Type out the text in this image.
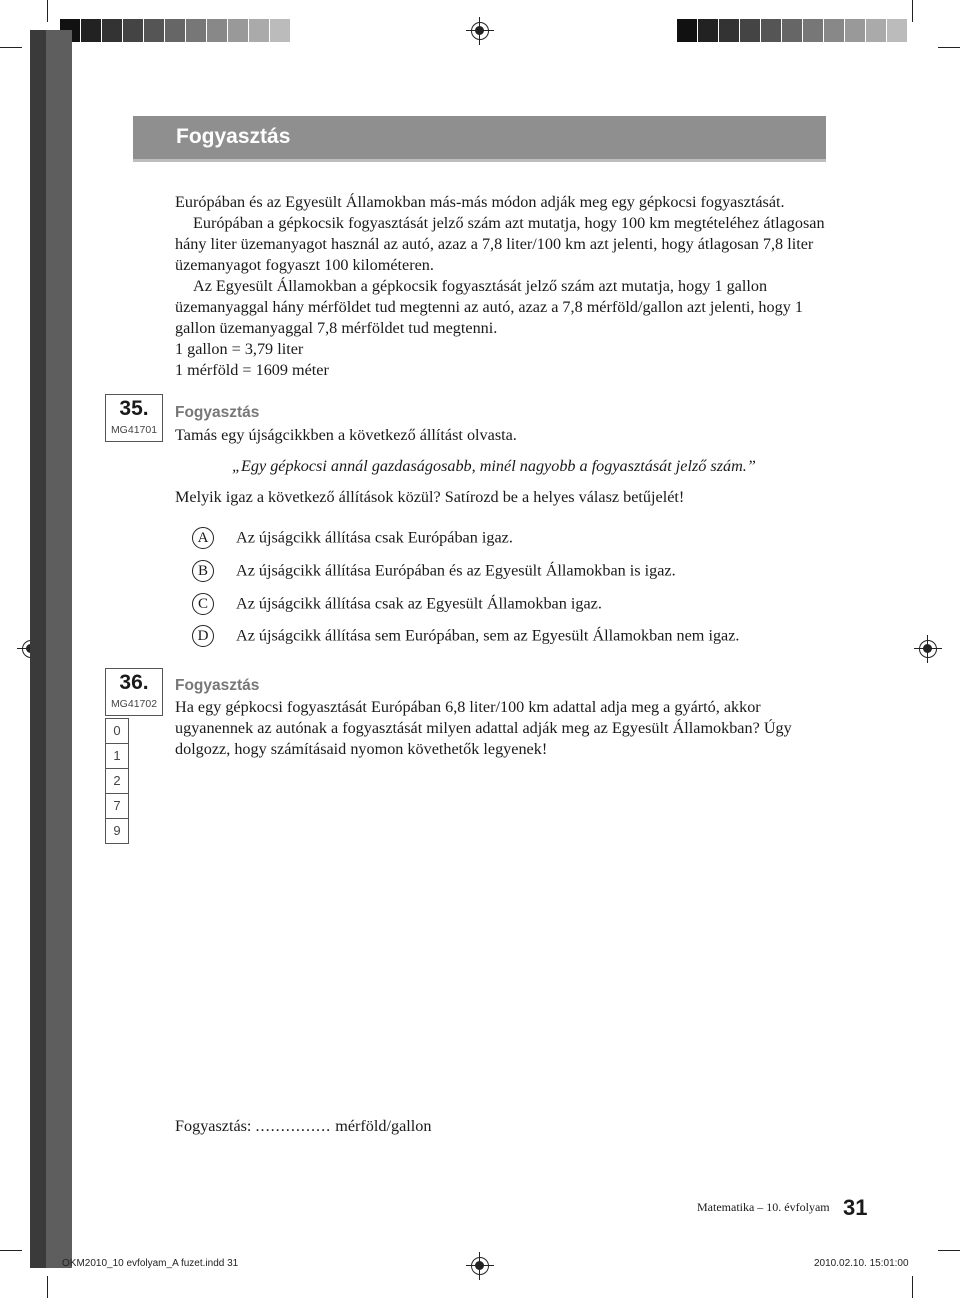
Fogyasztás

Európában és az Egyesült Államokban más-más módon adják meg egy gépkocsi fogyasztását.

Európában a gépkocsik fogyasztását jelző szám azt mutatja, hogy 100 km megtételéhez átlagosan hány liter üzemanyagot használ az autó, azaz a 7,8 liter/100 km azt jelenti, hogy átlagosan 7,8 liter üzemanyagot fogyaszt 100 kilométeren.

Az Egyesült Államokban a gépkocsik fogyasztását jelző szám azt mutatja, hogy 1 gallon üzemanyaggal hány mérföldet tud megtenni az autó, azaz a 7,8 mérföld/gallon azt jelenti, hogy 1 gallon üzemanyaggal 7,8 mérföldet tud megtenni.

1 gallon = 3,79 liter

1 mérföld = 1609 méter

35.
MG41701
Fogyasztás
Tamás egy újságcikkben a következő állítást olvasta.
„Egy gépkocsi annál gazdaságosabb, minél nagyobb a fogyasztását jelző szám.”
Melyik igaz a következő állítások közül? Satírozd be a helyes válasz betűjelét!
A Az újságcikk állítása csak Európában igaz.
B Az újságcikk állítása Európában és az Egyesült Államokban is igaz.
C Az újságcikk állítása csak az Egyesült Államokban igaz.
D Az újságcikk állítása sem Európában, sem az Egyesült Államokban nem igaz.
36.
MG41702
0
1
2
7
9
Fogyasztás
Ha egy gépkocsi fogyasztását Európában 6,8 liter/100 km adattal adja meg a gyártó, akkor ugyanennek az autónak a fogyasztását milyen adattal adják meg az Egyesült Államokban? Úgy dolgozz, hogy számításaid nyomon követhetők legyenek!
Fogyasztás: ............... mérföld/gallon
Matematika – 10. évfolyam 31
OKM2010_10 evfolyam_A fuzet.indd 31	2010.02.10. 15:01:00
